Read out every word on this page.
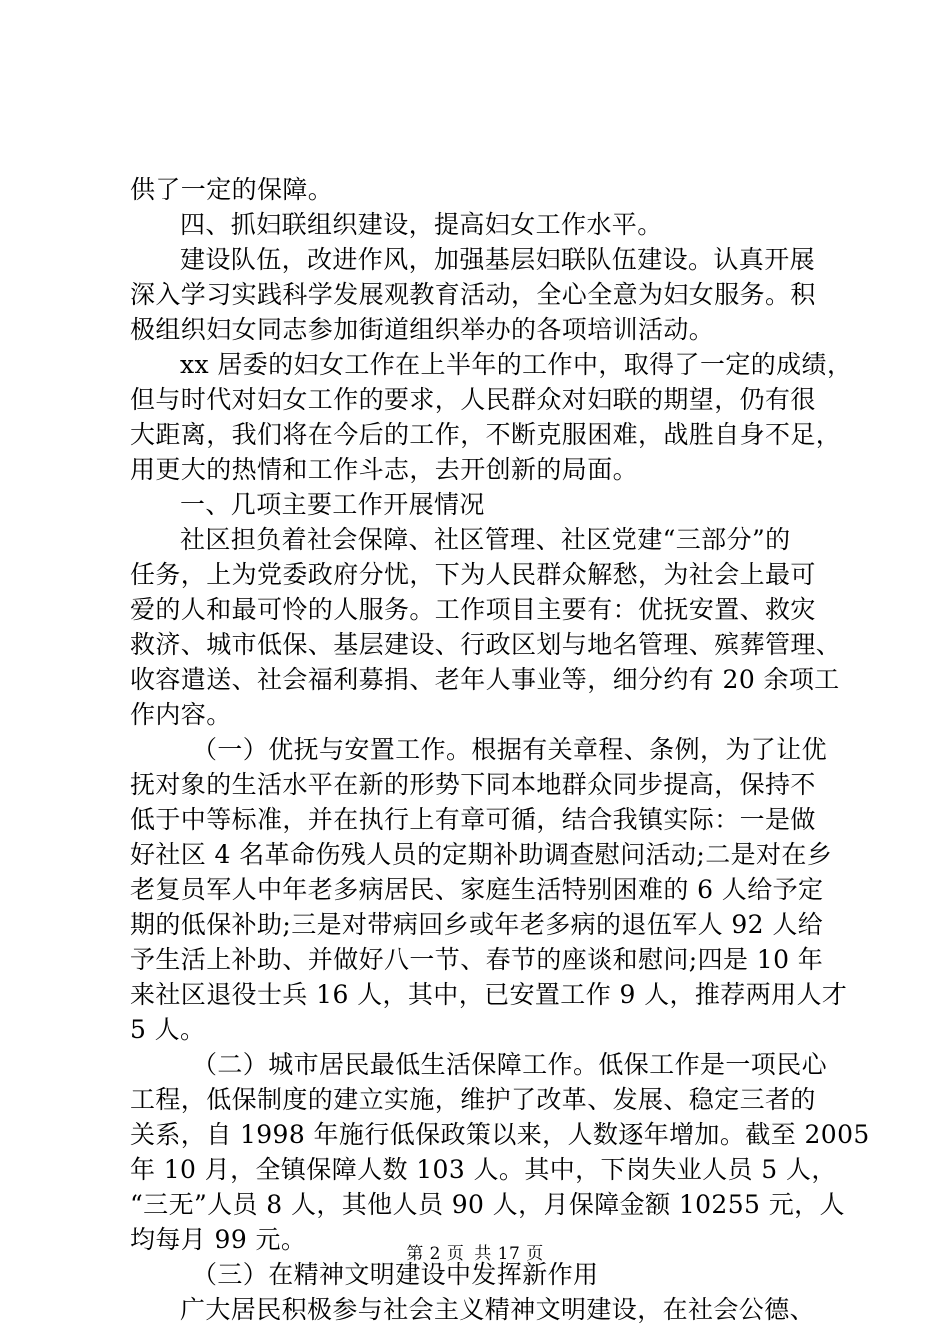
供了一定的保障。
四、抓妇联组织建设，提高妇女工作水平。
建设队伍，改进作风，加强基层妇联队伍建设。认真开展
深入学习实践科学发展观教育活动，全心全意为妇女服务。积
极组织妇女同志参加街道组织举办的各项培训活动。
xx 居委的妇女工作在上半年的工作中，取得了一定的成绩，
但与时代对妇女工作的要求，人民群众对妇联的期望，仍有很
大距离，我们将在今后的工作，不断克服困难，战胜自身不足，
用更大的热情和工作斗志，去开创新的局面。
一、几项主要工作开展情况
社区担负着社会保障、社区管理、社区党建“三部分”的
任务，上为党委政府分忧，下为人民群众解愁，为社会上最可
爱的人和最可怜的人服务。工作项目主要有：优抚安置、救灾
救济、城市低保、基层建设、行政区划与地名管理、殡葬管理、
收容遣送、社会福利募捐、老年人事业等，细分约有 20 余项工
作内容。
（一）优抚与安置工作。根据有关章程、条例，为了让优
抚对象的生活水平在新的形势下同本地群众同步提高，保持不
低于中等标准，并在执行上有章可循，结合我镇实际：一是做
好社区 4 名革命伤残人员的定期补助调查慰问活动;二是对在乡
老复员军人中年老多病居民、家庭生活特别困难的 6 人给予定
期的低保补助;三是对带病回乡或年老多病的退伍军人 92 人给
予生活上补助、并做好八一节、春节的座谈和慰问;四是 10 年
来社区退役士兵 16 人，其中，已安置工作 9 人，推荐两用人才
5 人。
（二）城市居民最低生活保障工作。低保工作是一项民心
工程，低保制度的建立实施，维护了改革、发展、稳定三者的
关系，自 1998 年施行低保政策以来，人数逐年增加。截至 2005
年 10 月，全镇保障人数 103 人。其中，下岗失业人员 5 人，
“三无”人员 8 人，其他人员 90 人，月保障金额 10255 元，人
均每月 99 元。
（三）在精神文明建设中发挥新作用
广大居民积极参与社会主义精神文明建设，在社会公德、
第 2 页 共 17 页
